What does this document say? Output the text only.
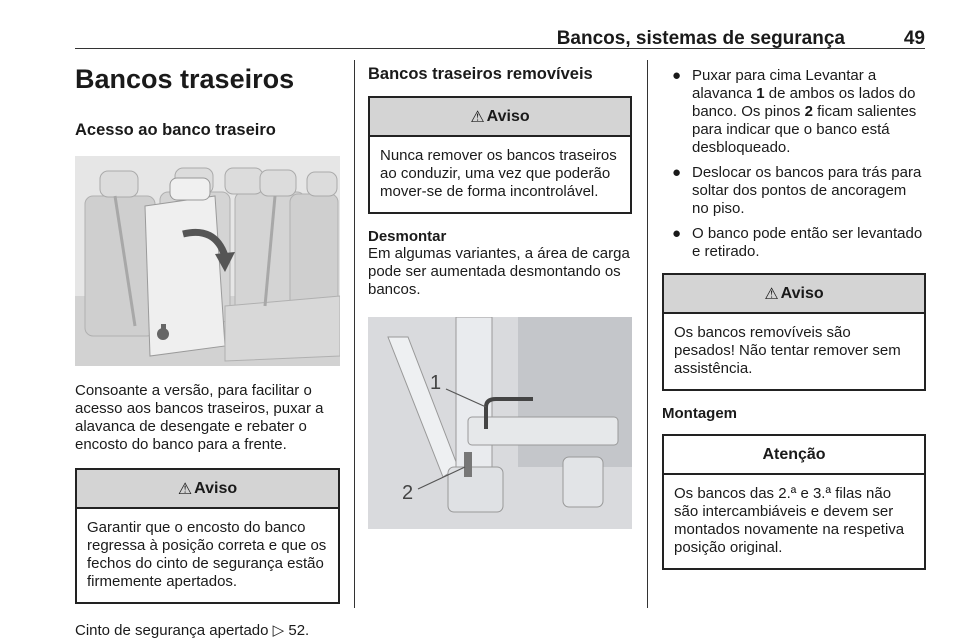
Bancos, sistemas de segurança	49
Bancos traseiros
Acesso ao banco traseiro

Consoante a versão, para facilitar o acesso aos bancos traseiros, puxar a alavanca de desengate e rebater o encosto do banco para a frente.

⚠ Aviso
Garantir que o encosto do banco regressa à posição correta e que os fechos do cinto de segurança estão firmemente apertados.

Cinto de segurança apertado ▷ 52.

Bancos traseiros removíveis
⚠ Aviso
Nunca remover os bancos traseiros ao conduzir, uma vez que poderão mover-se de forma incontrolável.
Desmontar

Em algumas variantes, a área de carga pode ser aumentada desmontando os bancos.

1
2
● Puxar para cima Levantar a alavanca 1 de ambos os lados do banco. Os pinos 2 ficam salientes para indicar que o banco está desbloqueado.
● Deslocar os bancos para trás para soltar dos pontos de ancoragem no piso.
● O banco pode então ser levantado e retirado.
⚠ Aviso
Os bancos removíveis são pesados! Não tentar remover sem assistência.
Montagem
Atenção
Os bancos das 2.ª e 3.ª filas não são intercambiáveis e devem ser montados novamente na respetiva posição original.
